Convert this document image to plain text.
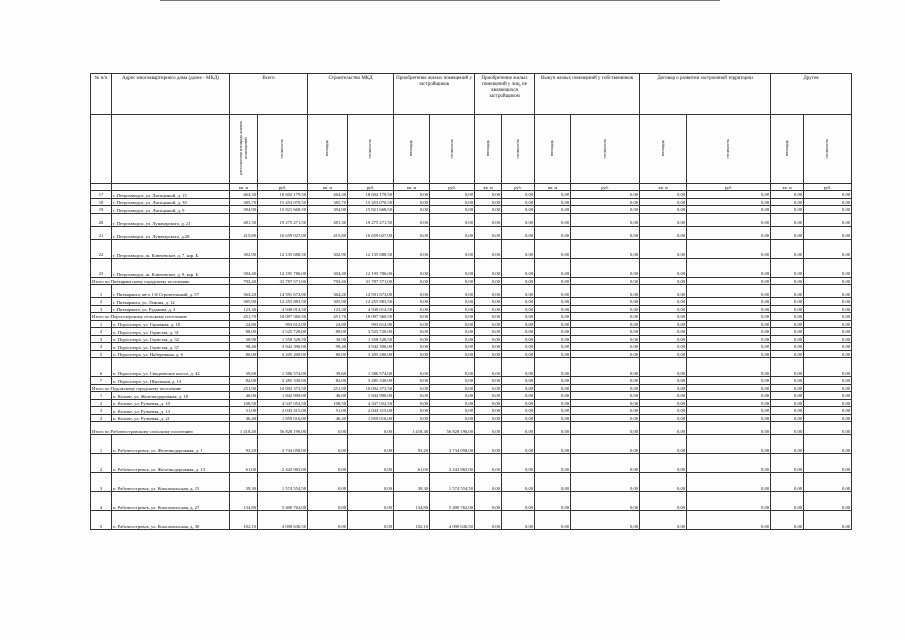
№ п/п	Адрес многоквартирного дома (далее - МКД)	Всего		Строительство МКД		Приобретение жилых помещений у застройщиков		Приобретение жилых помещений у лиц, не являющихся застройщиком		Выкуп жилых помещений у собственников		Договор о развитии застроенной территории		Другие	
		расселяемая площадь жилых помещений	стоимость	площадь	стоимость	площадь	стоимость	площадь	стоимость	площадь	стоимость	площадь	стоимость	площадь	стоимость
		кв. м	руб.	кв. м	руб.	кв. м	руб.	кв. м	руб.	кв. м	руб.	кв. м	руб.	кв. м	руб.
17	г. Петрозаводск, ул. Лисицыной, д. 15	464,30	18 602 179,50	464,30	18 602 179,50	0,00	0,00	0,00	0,00	0,00	0,00	0,00	0,00	0,00	0,00
18	г. Петрозаводск, ул. Лисицыной, д. 30	385,70	15 453 070,50	385,70	15 453 070,50	0,00	0,00	0,00	0,00	0,00	0,00	0,00	0,00	0,00	0,00
19	г. Петрозаводск, ул. Лисицыной, д. 9	394,90	15 821 668,50	394,90	15 821 668,50	0,00	0,00	0,00	0,00	0,00	0,00	0,00	0,00	0,00	0,00
20	г. Петрозаводск, ул. Луначарского, д. 21	481,30	19 275 271,50	481,30	19 275 271,50	0,00	0,00	0,00	0,00	0,00	0,00	0,00	0,00	0,00	0,00
21	г. Петрозаводск, ул. Луначарского, д.28	415,80	16 659 027,00	415,80	16 659 027,00	0,00	0,00	0,00	0,00	0,00	0,00	0,00	0,00	0,00	0,00
22	г. Петрозаводск, ш. Ключевское, д. 7, кор. Б	302,90	12 135 688,50	302,90	12 135 688,50	0,00	0,00	0,00	0,00	0,00	0,00	0,00	0,00	0,00	0,00
23	г. Петрозаводск, ш. Ключевское, д. 9, кор. Б	304,40	12 195 786,00	304,40	12 195 786,00	0,00	0,00	0,00	0,00	0,00	0,00	0,00	0,00	0,00	0,00
Итого по Питкярантскому городскому поселению		793,40	31 787 571,00	793,40	31 787 571,00	0,00	0,00	0,00	0,00	0,00	0,00	0,00	0,00	0,00	0,00
1	г. Питкяранта, кв-л 1-й Строительный, д. 57	364,20	14 591 673,00	364,20	14 591 673,00	0,00	0,00	0,00	0,00	0,00	0,00	0,00	0,00	0,00	0,00
2	г. Питкяранта, ул. Ленина, д. 12	305,90	12 255 883,50	305,90	12 255 883,50	0,00	0,00	0,00	0,00	0,00	0,00	0,00	0,00	0,00	0,00
3	г. Питкяранта, ул. Рудакова, д. 3	123,30	4 940 014,50	123,30	4 940 014,50	0,00	0,00	0,00	0,00	0,00	0,00	0,00	0,00	0,00	0,00
Итого по Поросозерскому сельскому поселению		451,70	18 097 360,50	451,70	18 097 360,50	0,00	0,00	0,00	0,00	0,00	0,00	0,00	0,00	0,00	0,00
1	п. Поросозеро, ул. Гаражная, д. 18	24,80	993 612,00	24,80	993 612,00	0,00	0,00	0,00	0,00	0,00	0,00	0,00	0,00	0,00	0,00
2	п. Поросозеро, ул. Гористая, д. 31	88,00	3 525 720,00	88,00	3 525 720,00	0,00	0,00	0,00	0,00	0,00	0,00	0,00	0,00	0,00	0,00
3	п. Поросозеро, ул. Гористая, д. 32	38,90	1 558 528,50	38,90	1 558 528,50	0,00	0,00	0,00	0,00	0,00	0,00	0,00	0,00	0,00	0,00
4	п. Поросозеро, ул. Гористая, д. 37	98,40	3 942 396,00	98,40	3 942 396,00	0,00	0,00	0,00	0,00	0,00	0,00	0,00	0,00	0,00	0,00
5	п. Поросозеро, ул. Набережная, д. 6	80,00	3 205 200,00	80,00	3 205 200,00	0,00	0,00	0,00	0,00	0,00	0,00	0,00	0,00	0,00	0,00
6	п. Поросозеро, ул. Свидоевское шоссе, д. 42	39,60	1 586 574,00	39,60	1 586 574,00	0,00	0,00	0,00	0,00	0,00	0,00	0,00	0,00	0,00	0,00
7	п. Поросозеро, ул. Школьная, д. 13	82,00	3 285 330,00	82,00	3 285 330,00	0,00	0,00	0,00	0,00	0,00	0,00	0,00	0,00	0,00	0,00
Итого по Пудожскому городскому поселению		251,90	10 092 373,50	251,90	10 092 373,50	0,00	0,00	0,00	0,00	0,00	0,00	0,00	0,00	0,00	0,00
1	п. Колово, ул. Железнодорожная, д. 18	46,00	1 842 990,00	46,00	1 842 990,00	0,00	0,00	0,00	0,00	0,00	0,00	0,00	0,00	0,00	0,00
2	п. Колово, ул. Ручьевая, д. 10	108,50	4 347 052,50	108,50	4 347 052,50	0,00	0,00	0,00	0,00	0,00	0,00	0,00	0,00	0,00	0,00
3	п. Колово, ул. Ручьевая, д. 13	51,00	2 043 315,00	51,00	2 043 315,00	0,00	0,00	0,00	0,00	0,00	0,00	0,00	0,00	0,00	0,00
4	п. Колово, ул. Ручьевая, д. 21	46,40	1 859 016,00	46,40	1 859 016,00	0,00	0,00	0,00	0,00	0,00	0,00	0,00	0,00	0,00	0,00
Итого по Рабочеостровскому сельскому поселению		1 418,40	56 828 196,00	0,00	0,00	1 418,40	56 828 196,00	0,00	0,00	0,00	0,00	0,00	0,00	0,00	0,00
1	п. Рабочеостровск, ул. Железнодорожная, д. 1	93,20	3 734 058,00	0,00	0,00	93,20	3 734 058,00	0,00	0,00	0,00	0,00	0,00	0,00	0,00	0,00
2	п. Рабочеостровск, ул. Железнодорожная, д. 13	61,00	2 443 965,00	0,00	0,00	61,00	2 443 965,00	0,00	0,00	0,00	0,00	0,00	0,00	0,00	0,00
3	п. Рабочеостровск, ул. Комсомольская, д. 15	39,30	1 574 554,50	0,00	0,00	39,30	1 574 554,50	0,00	0,00	0,00	0,00	0,00	0,00	0,00	0,00
4	п. Рабочеостровск, ул. Комсомольская, д. 27	134,80	5 400 762,00	0,00	0,00	134,80	5 400 762,00	0,00	0,00	0,00	0,00	0,00	0,00	0,00	0,00
5	п. Рабочеостровск, ул. Комсомольская, д. 30	102,10	4 090 636,50	0,00	0,00	102,10	4 090 636,50	0,00	0,00	0,00	0,00	0,00	0,00	0,00	0,00
